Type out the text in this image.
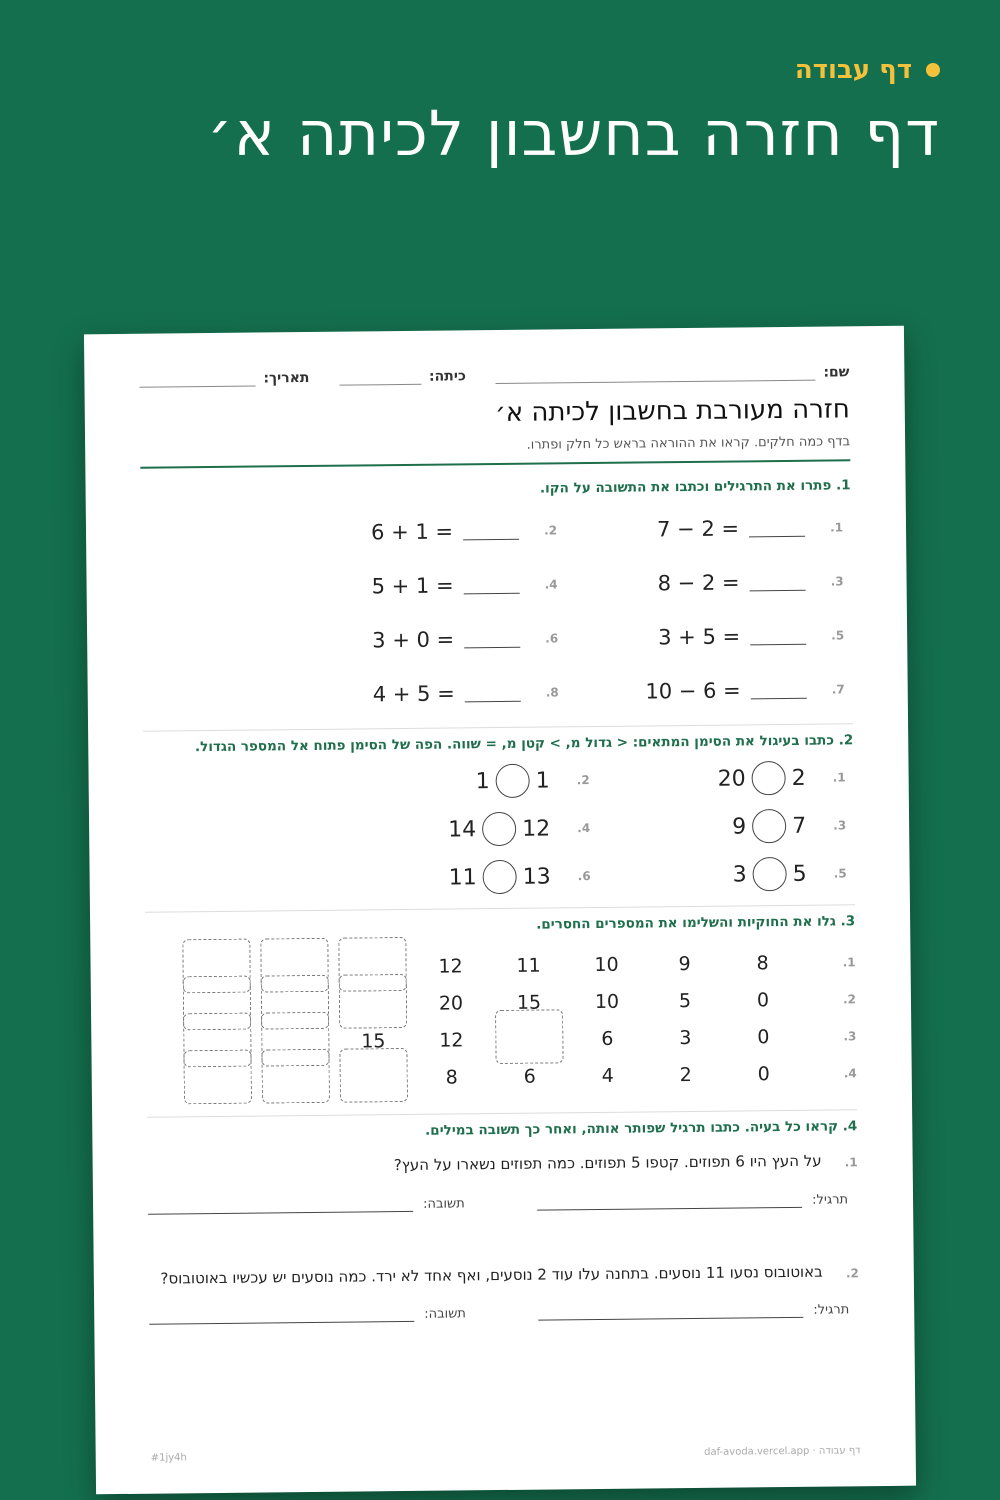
דף עבודה
דף חזרה בחשבון לכיתה א׳
שם:
כיתה:
תאריך:
חזרה מעורבת בחשבון לכיתה א׳
בדף כמה חלקים. קראו את ההוראה בראש כל חלק ופתרו.
1. פתרו את התרגילים וכתבו את התשובה על הקו.
1.
7 − 2 =
2.
6 + 1 =
3.
8 − 2 =
4.
5 + 1 =
5.
3 + 5 =
6.
3 + 0 =
7.
10 − 6 =
8.
4 + 5 =
2. כתבו בעיגול את הסימן המתאים: < גדול מ, > קטן מ, = שווה. הפה של הסימן פתוח אל המספר הגדול.
1.
2
20
2.
1
1
3.
7
9
4.
12
14
5.
5
3
6.
13
11
3. גלו את החוקיות והשלימו את המספרים החסרים.
1.
8
9
10
11
12
2.
0
5
10
15
20
3.
0
3
6
12
15
4.
0
2
4
6
8
4. קראו כל בעיה. כתבו תרגיל שפותר אותה, ואחר כך תשובה במילים.
1.
על העץ היו 6 תפוזים. קטפו 5 תפוזים. כמה תפוזים נשארו על העץ?
תרגיל:
תשובה:
2.
באוטובוס נסעו 11 נוסעים. בתחנה עלו עוד 2 נוסעים, ואף אחד לא ירד. כמה נוסעים יש עכשיו באוטובוס?
תרגיל:
תשובה:
דף עבודה · daf-avoda.vercel.app
#1jy4h
